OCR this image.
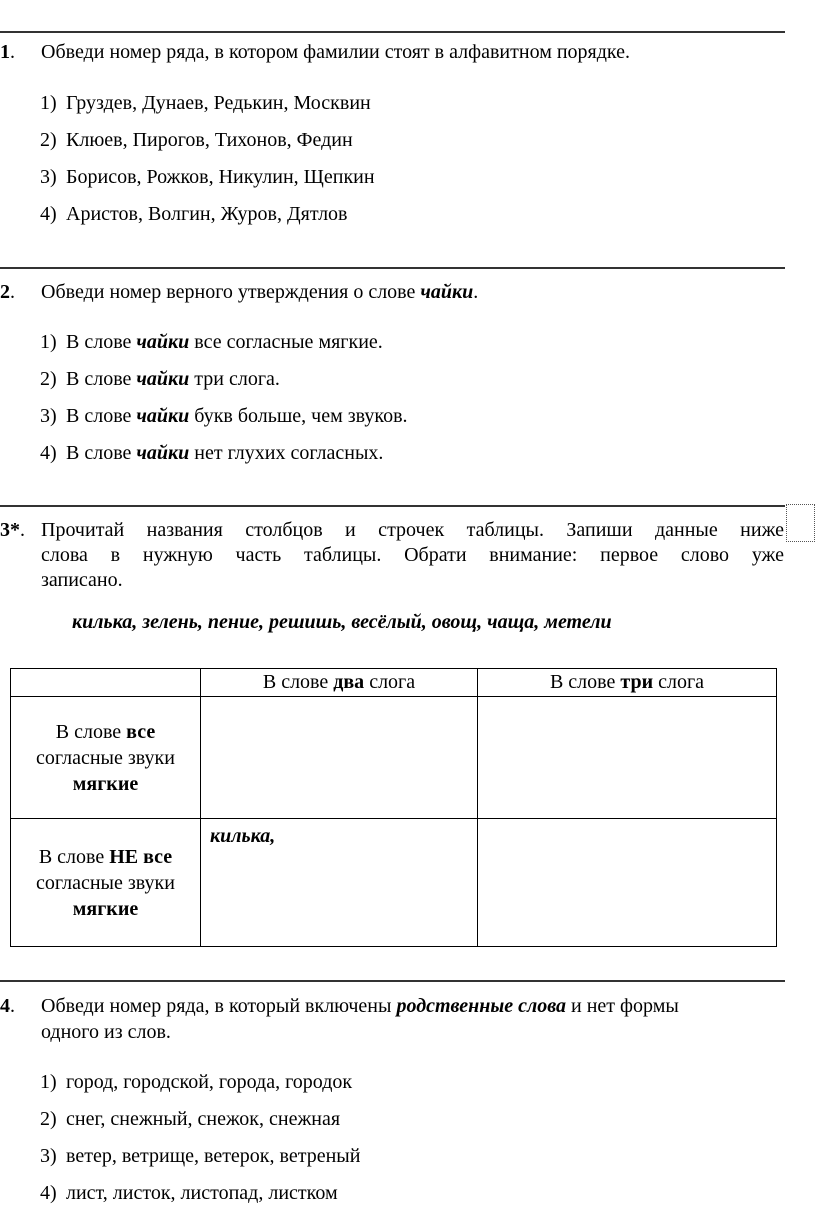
1. Обведи номер ряда, в котором фамилии стоят в алфавитном порядке.
1) Груздев, Дунаев, Редькин, Москвин
2) Клюев, Пирогов, Тихонов, Федин
3) Борисов, Рожков, Никулин, Щепкин
4) Аристов, Волгин, Журов, Дятлов
2. Обведи номер верного утверждения о слове чайки.
1) В слове чайки все согласные мягкие.
2) В слове чайки три слога.
3) В слове чайки букв больше, чем звуков.
4) В слове чайки нет глухих согласных.
3*. Прочитай названия столбцов и строчек таблицы. Запиши данные ниже
слова в нужную часть таблицы. Обрати внимание: первое слово уже
записано.
килька, зелень, пение, решишь, весёлый, овощ, чаща, метели
	В слове два слога	В слове три слога

В слове все
согласные звуки
мягкие		

В слове НЕ все
согласные звуки
мягкие	килька,	
4. Обведи номер ряда, в который включены родственные слова и нет формы
одного из слов.
1) город, городской, города, городок
2) снег, снежный, снежок, снежная
3) ветер, ветрище, ветерок, ветреный
4) лист, листок, листопад, листком
